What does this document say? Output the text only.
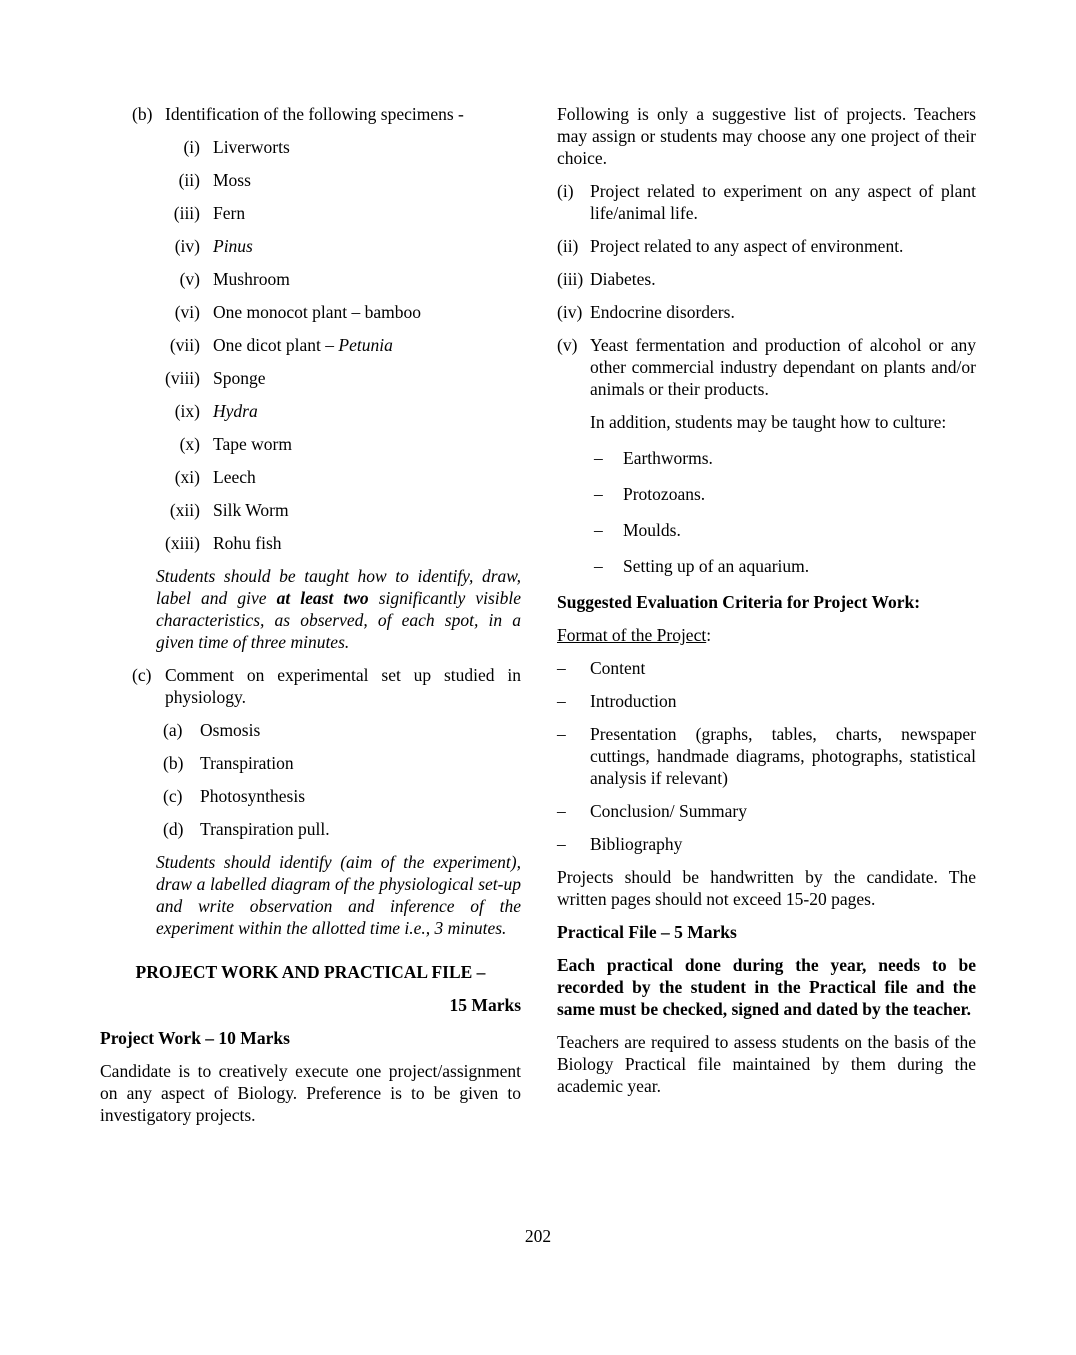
(b) Identification of the following specimens -
(i) Liverworts
(ii) Moss
(iii) Fern
(iv) Pinus
(v) Mushroom
(vi) One monocot plant – bamboo
(vii) One dicot plant – Petunia
(viii) Sponge
(ix) Hydra
(x) Tape worm
(xi) Leech
(xii) Silk Worm
(xiii) Rohu fish
Students should be taught how to identify, draw, label and give at least two significantly visible characteristics, as observed, of each spot, in a given time of three minutes.
(c) Comment on experimental set up studied in physiology.
(a)	Osmosis
(b) Transpiration
(c)	Photosynthesis
(d) Transpiration pull.
Students should identify (aim of the experiment), draw a labelled diagram of the physiological set-up and write observation and inference of the experiment within the allotted time i.e., 3 minutes.
PROJECT WORK AND PRACTICAL FILE –
15 Marks
Project Work – 10 Marks
Candidate is to creatively execute one project/assignment on any aspect of Biology. Preference is to be given to investigatory projects.
Following is only a suggestive list of projects. Teachers may assign or students may choose any one project of their choice.
(i) Project related to experiment on any aspect of plant life/animal life.
(ii) Project related to any aspect of environment.
(iii) Diabetes.
(iv) Endocrine disorders.
(v) Yeast fermentation and production of alcohol or any other commercial industry dependant on plants and/or animals or their products.
In addition, students may be taught how to culture:
–	Earthworms.
–	Protozoans.
–	Moulds.
–	Setting up of an aquarium.
Suggested Evaluation Criteria for Project Work:
Format of the Project:
–	Content
–	Introduction
–	Presentation (graphs, tables, charts, newspaper cuttings, handmade diagrams, photographs, statistical analysis if relevant)
–	Conclusion/ Summary
–	Bibliography
Projects should be handwritten by the candidate. The written pages should not exceed 15-20 pages.
Practical File – 5 Marks
Each practical done during the year, needs to be recorded by the student in the Practical file and the same must be checked, signed and dated by the teacher.
Teachers are required to assess students on the basis of the Biology Practical file maintained by them during the academic year.
202
